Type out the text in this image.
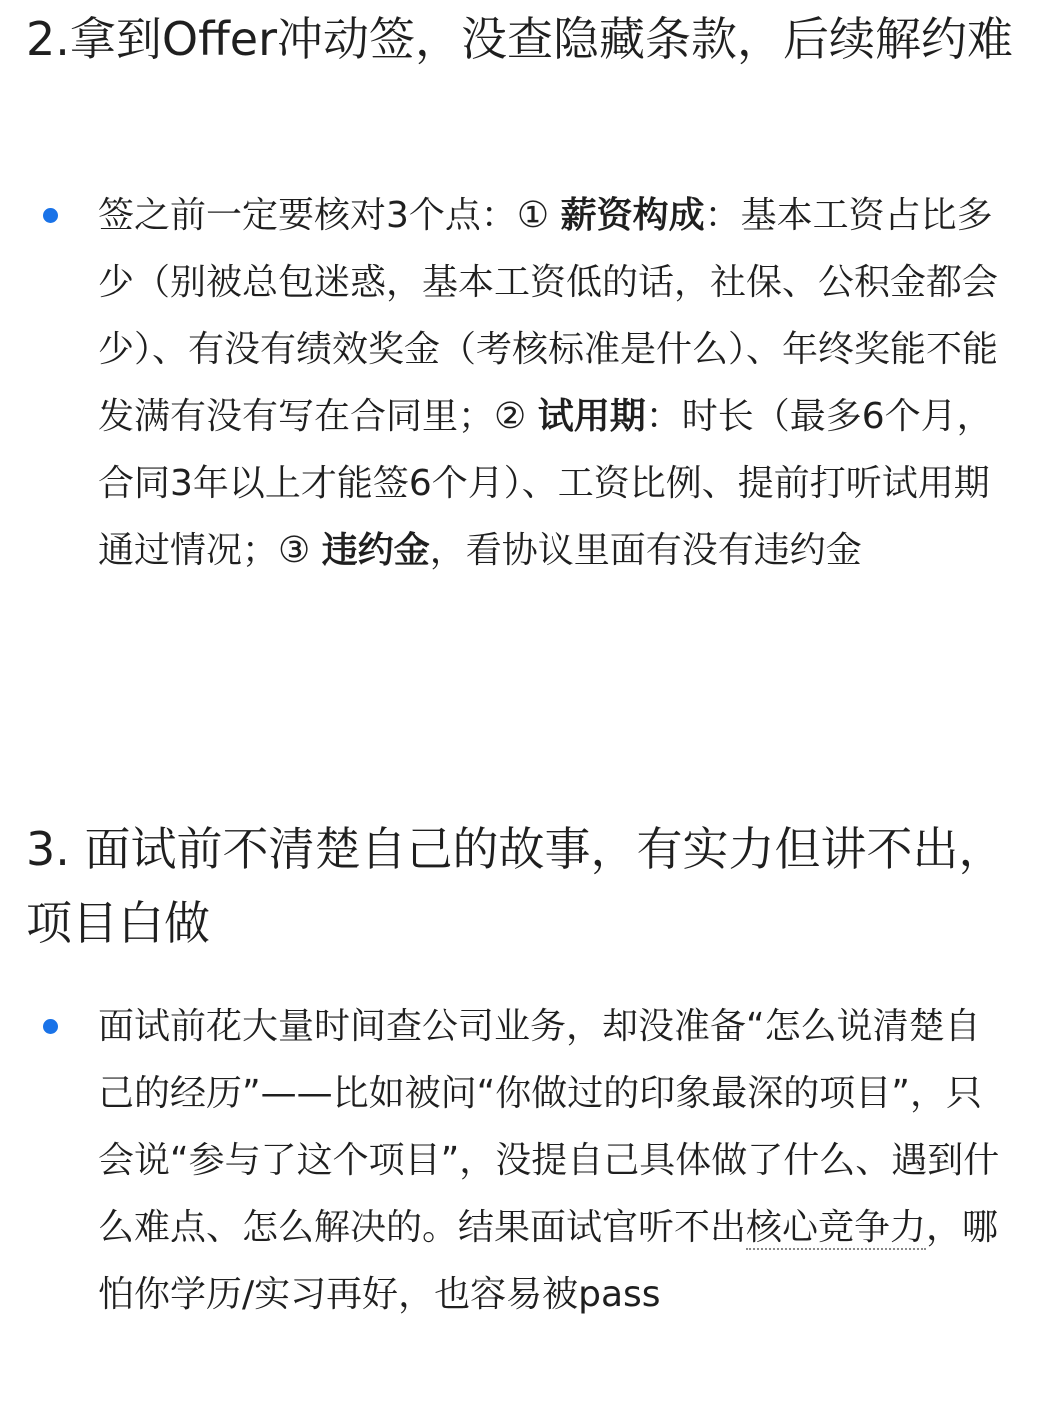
2.拿到Offer冲动签，没查隐藏条款，后续解约难
签之前一定要核对3个点：① 薪资构成：基本工资占比多少（别被总包迷惑，基本工资低的话，社保、公积金都会少）、有没有绩效奖金（考核标准是什么）、年终奖能不能发满有没有写在合同里；② 试用期：时长（最多6个月，合同3年以上才能签6个月）、工资比例、提前打听试用期通过情况；③ 违约金，看协议里面有没有违约金
3. 面试前不清楚自己的故事，有实力但讲不出，项目白做
面试前花大量时间查公司业务，却没准备“怎么说清楚自己的经历”——比如被问“你做过的印象最深的项目”，只会说“参与了这个项目”，没提自己具体做了什么、遇到什么难点、怎么解决的。结果面试官听不出核心竞争力，哪怕你学历/实习再好，也容易被pass
